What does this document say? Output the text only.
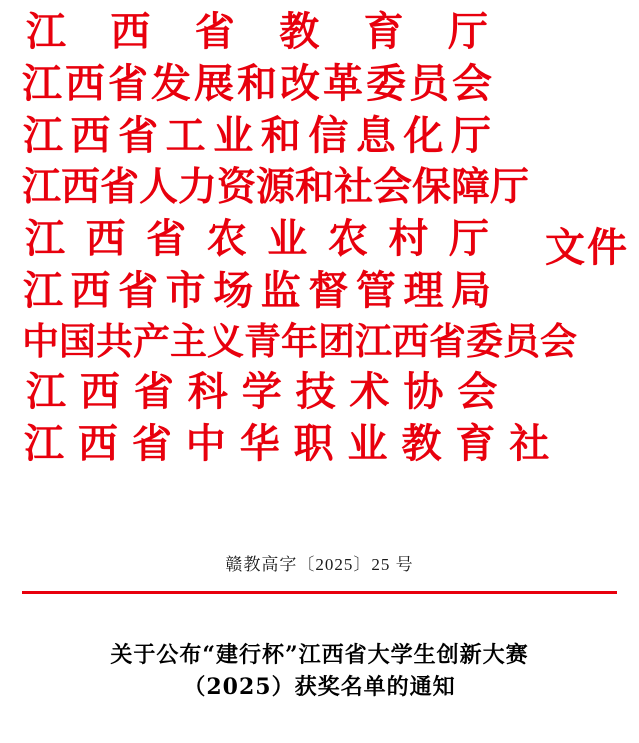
江 西 省 教 育 厅
江西省发展和改革委员会
江西省工业和信息化厅
江西省人力资源和社会保障厅
江 西 省 农 业 农 村 厅
江西省市场监督管理局
中国共产主义青年团江西省委员会
江 西 省 科 学 技 术 协 会
江 西 省 中 华 职 业 教 育 社
文件
赣教高字〔2025〕25 号
关于公布“建行杯”江西省大学生创新大赛
（2025）获奖名单的通知
